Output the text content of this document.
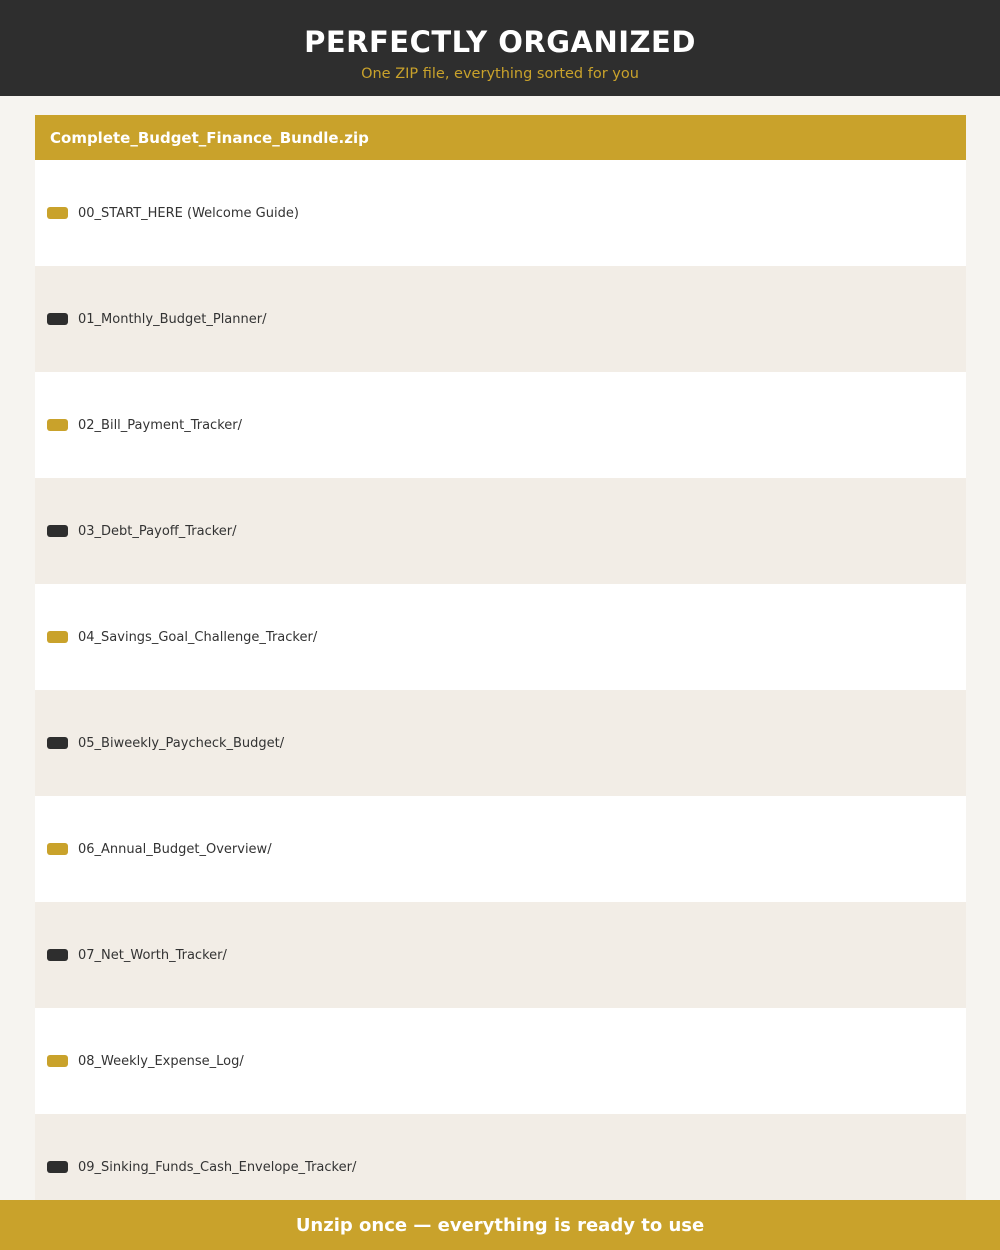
PERFECTLY ORGANIZED
One ZIP file, everything sorted for you
Complete_Budget_Finance_Bundle.zip
00_START_HERE (Welcome Guide)
01_Monthly_Budget_Planner/
02_Bill_Payment_Tracker/
03_Debt_Payoff_Tracker/
04_Savings_Goal_Challenge_Tracker/
05_Biweekly_Paycheck_Budget/
06_Annual_Budget_Overview/
07_Net_Worth_Tracker/
08_Weekly_Expense_Log/
09_Sinking_Funds_Cash_Envelope_Tracker/
Unzip once — everything is ready to use
